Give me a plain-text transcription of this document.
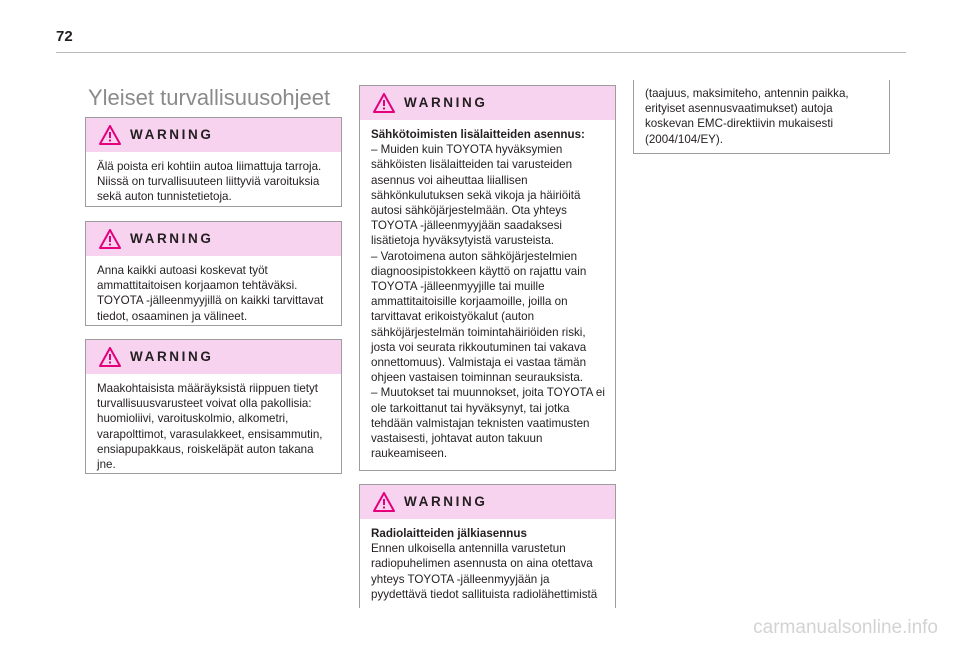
72
Yleiset turvallisuusohjeet
WARNING

Älä poista eri kohtiin autoa liimattuja tarroja. Niissä on turvallisuuteen liittyviä varoituksia sekä auton tunnistetietoja.

WARNING

Anna kaikki autoasi koskevat työt ammattitaitoisen korjaamon tehtäväksi. TOYOTA -jälleenmyyjillä on kaikki tarvittavat tiedot, osaaminen ja välineet.

WARNING

Maakohtaisista määräyksistä riippuen tietyt turvallisuusvarusteet voivat olla pakollisia: huomioliivi, varoituskolmio, alkometri, varapolttimot, varasulakkeet, ensisammutin, ensiapupakkaus, roiskeläpät auton takana jne.

WARNING

Sähkötoimisten lisälaitteiden asennus:

– Muiden kuin TOYOTA hyväksymien sähköisten lisälaitteiden tai varusteiden asennus voi aiheuttaa liiallisen sähkönkulutuksen sekä vikoja ja häiriöitä autosi sähköjärjestelmään. Ota yhteys TOYOTA -jälleenmyyjään saadaksesi lisätietoja hyväksytyistä varusteista.

– Varotoimena auton sähköjärjestelmien diagnoosipistokkeen käyttö on rajattu vain TOYOTA -jälleenmyyjille tai muille ammattitaitoisille korjaamoille, joilla on tarvittavat erikoistyökalut (auton sähköjärjestelmän toimintahäiriöiden riski, josta voi seurata rikkoutuminen tai vakava onnettomuus). Valmistaja ei vastaa tämän ohjeen vastaisen toiminnan seurauksista.

– Muutokset tai muunnokset, joita TOYOTA ei ole tarkoittanut tai hyväksynyt, tai jotka tehdään valmistajan teknisten vaatimusten vastaisesti, johtavat auton takuun raukeamiseen.

WARNING

Radiolaitteiden jälkiasennus

Ennen ulkoisella antennilla varustetun radiopuhelimen asennusta on aina otettava yhteys TOYOTA -jälleenmyyjään ja pyydettävä tiedot sallituista radiolähettimistä

(taajuus, maksimiteho, antennin paikka, erityiset asennusvaatimukset) autoja koskevan EMC-direktiivin mukaisesti (2004/104/EY).

carmanualsonline.info
